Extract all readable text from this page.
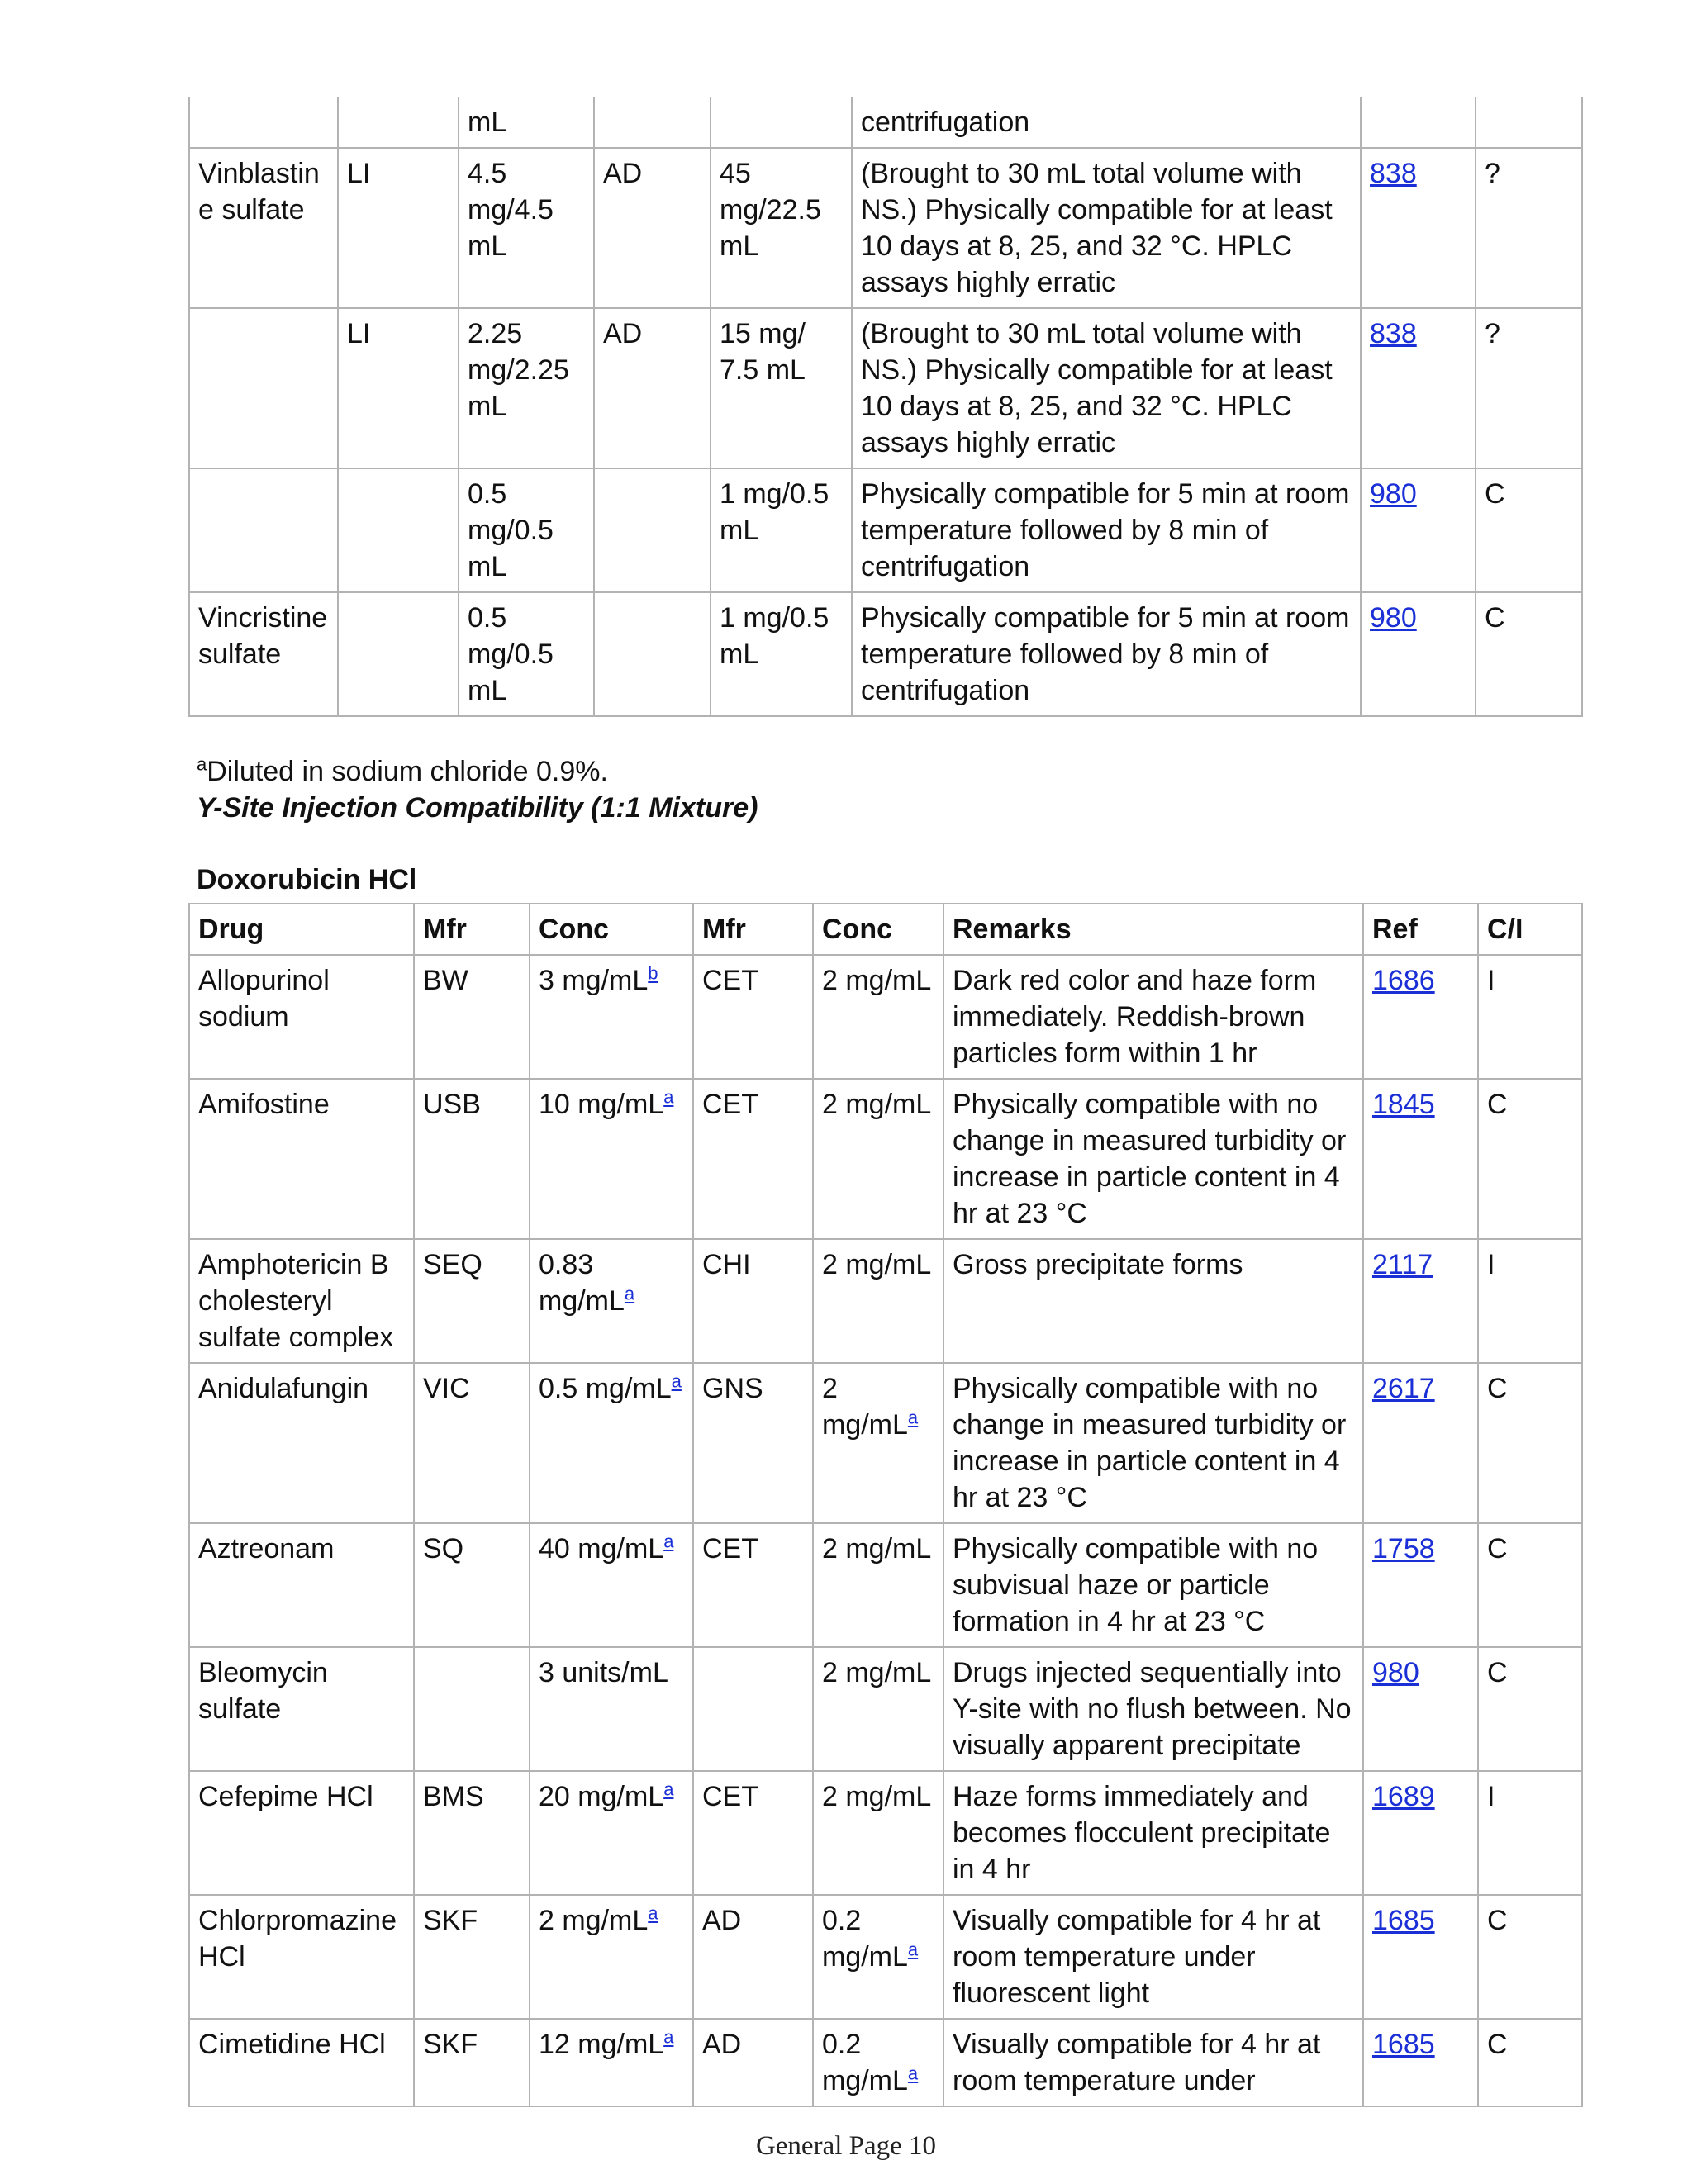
		mL			centrifugation		
Vinblastine sulfate	LI	4.5 mg/4.5 mL	AD	45 mg/22.5 mL	(Brought to 30 mL total volume with NS.) Physically compatible for at least 10 days at 8, 25, and 32 °C. HPLC assays highly erratic	838	?
	LI	2.25 mg/2.25 mL	AD	15 mg/ 7.5 mL	(Brought to 30 mL total volume with NS.) Physically compatible for at least 10 days at 8, 25, and 32 °C. HPLC assays highly erratic	838	?
		0.5 mg/0.5 mL		1 mg/0.5 mL	Physically compatible for 5 min at room temperature followed by 8 min of centrifugation	980	C
Vincristine sulfate		0.5 mg/0.5 mL		1 mg/0.5 mL	Physically compatible for 5 min at room temperature followed by 8 min of centrifugation	980	C
$^a$Diluted in sodium chloride 0.9%.
Y-Site Injection Compatibility (1:1 Mixture)
Doxorubicin HCl
Drug	Mfr	Conc	Mfr	Conc	Remarks	Ref	C/I
Allopurinol sodium	BW	3 mg/mL$^b$	CET	2 mg/mL	Dark red color and haze form immediately. Reddish-brown particles form within 1 hr	1686	I
Amifostine	USB	10 mg/mL$^a$	CET	2 mg/mL	Physically compatible with no change in measured turbidity or increase in particle content in 4 hr at 23 °C	1845	C
Amphotericin B cholesteryl sulfate complex	SEQ	0.83 mg/mL$^a$	CHI	2 mg/mL	Gross precipitate forms	2117	I
Anidulafungin	VIC	0.5 mg/mL$^a$	GNS	2 mg/mL$^a$	Physically compatible with no change in measured turbidity or increase in particle content in 4 hr at 23 °C	2617	C
Aztreonam	SQ	40 mg/mL$^a$	CET	2 mg/mL	Physically compatible with no subvisual haze or particle formation in 4 hr at 23 °C	1758	C
Bleomycin sulfate		3 units/mL		2 mg/mL	Drugs injected sequentially into Y-site with no flush between. No visually apparent precipitate	980	C
Cefepime HCl	BMS	20 mg/mL$^a$	CET	2 mg/mL	Haze forms immediately and becomes flocculent precipitate in 4 hr	1689	I
Chlorpromazine HCl	SKF	2 mg/mL$^a$	AD	0.2 mg/mL$^a$	Visually compatible for 4 hr at room temperature under fluorescent light	1685	C
Cimetidine HCl	SKF	12 mg/mL$^a$	AD	0.2 mg/mL$^a$	Visually compatible for 4 hr at room temperature under	1685	C
General Page 10
